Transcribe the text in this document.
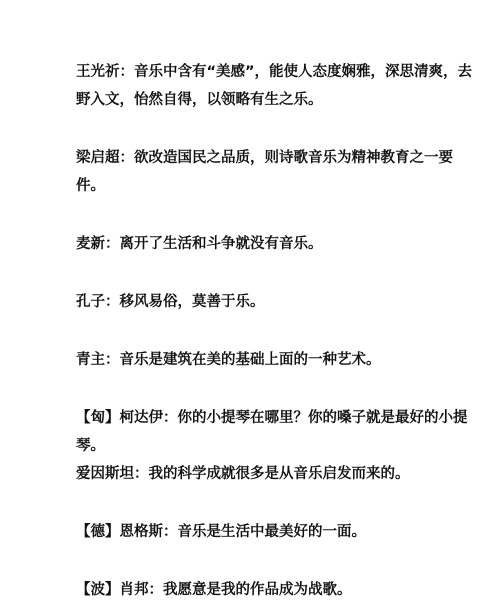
王光祈：音乐中含有“美感”，能使人态度娴雅，深思清爽，去野入文，怡然自得，以领略有生之乐。

梁启超：欲改造国民之品质，则诗歌音乐为精神教育之一要件。

麦新：离开了生活和斗争就没有音乐。

孔子：移风易俗，莫善于乐。

青主：音乐是建筑在美的基础上面的一种艺术。

【匈】柯达伊：你的小提琴在哪里？你的嗓子就是最好的小提琴。

爱因斯坦：我的科学成就很多是从音乐启发而来的。

【德】恩格斯：音乐是生活中最美好的一面。

【波】肖邦：我愿意是我的作品成为战歌。
